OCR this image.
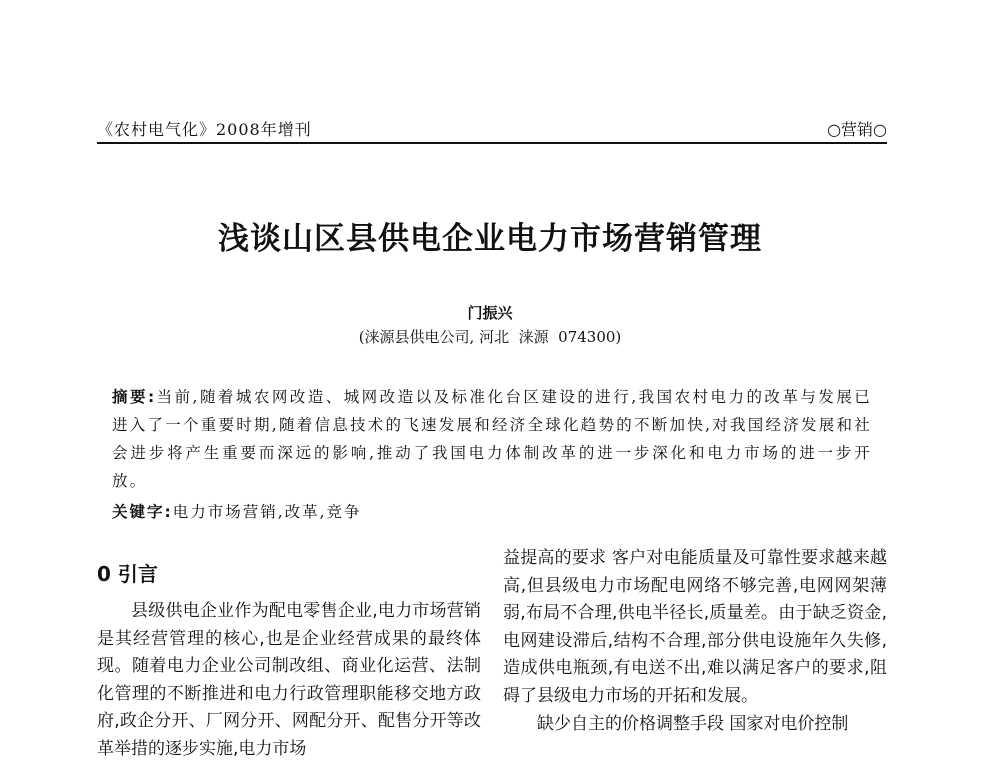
《农村电气化》2008年增刊	○营销○
浅谈山区县供电企业电力市场营销管理
门振兴
(涞源县供电公司, 河北  涞源  074300)
摘要:当前,随着城农网改造、城网改造以及标准化台区建设的进行,我国农村电力的改革与发展已进入了一个重要时期,随着信息技术的飞速发展和经济全球化趋势的不断加快,对我国经济发展和社会进步将产生重要而深远的影响,推动了我国电力体制改革的进一步深化和电力市场的进一步开放。
关键字:电力市场营销,改革,竞争
0 引言

县级供电企业作为配电零售企业,电力市场营销是其经营管理的核心,也是企业经营成果的最终体现。随着电力企业公司制改组、商业化运营、法制化管理的不断推进和电力行政管理职能移交地方政府,政企分开、厂网分开、网配分开、配售分开等改革举措的逐步实施,电力市场

益提高的要求 客户对电能质量及可靠性要求越来越高,但县级电力市场配电网络不够完善,电网网架薄弱,布局不合理,供电半径长,质量差。由于缺乏资金,电网建设滞后,结构不合理,部分供电设施年久失修,造成供电瓶颈,有电送不出,难以满足客户的要求,阻碍了县级电力市场的开拓和发展。

缺少自主的价格调整手段 国家对电价控制
